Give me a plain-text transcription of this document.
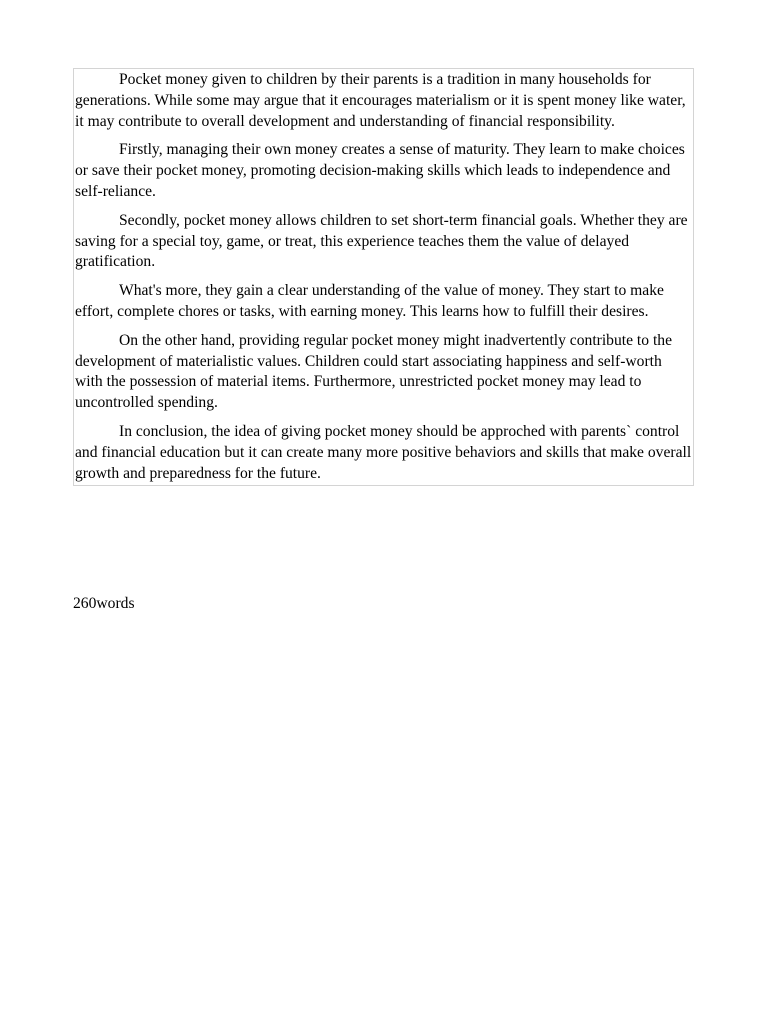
Pocket money given to children by their parents is a tradition in many households for generations. While some may argue that it encourages materialism or it is spent money like water, it may contribute to overall development and understanding of financial responsibility.

Firstly, managing their own money creates a sense of maturity. They learn to make choices or save their pocket money, promoting decision-making skills which leads to independence and self-reliance.

Secondly, pocket money allows children to set short-term financial goals. Whether they are saving for a special toy, game, or treat, this experience teaches them the value of delayed gratification.

What's more, they gain a clear understanding of the value of money. They start to make effort, complete chores or tasks, with earning money. This learns how to fulfill their desires.

On the other hand, providing regular pocket money might inadvertently contribute to the development of materialistic values. Children could start associating happiness and self-worth with the possession of material items. Furthermore, unrestricted pocket money may lead to uncontrolled spending.

In conclusion, the idea of giving pocket money should be approched with parents` control and financial education but it can create many more positive behaviors and skills that make overall growth and preparedness for the future.

260words
